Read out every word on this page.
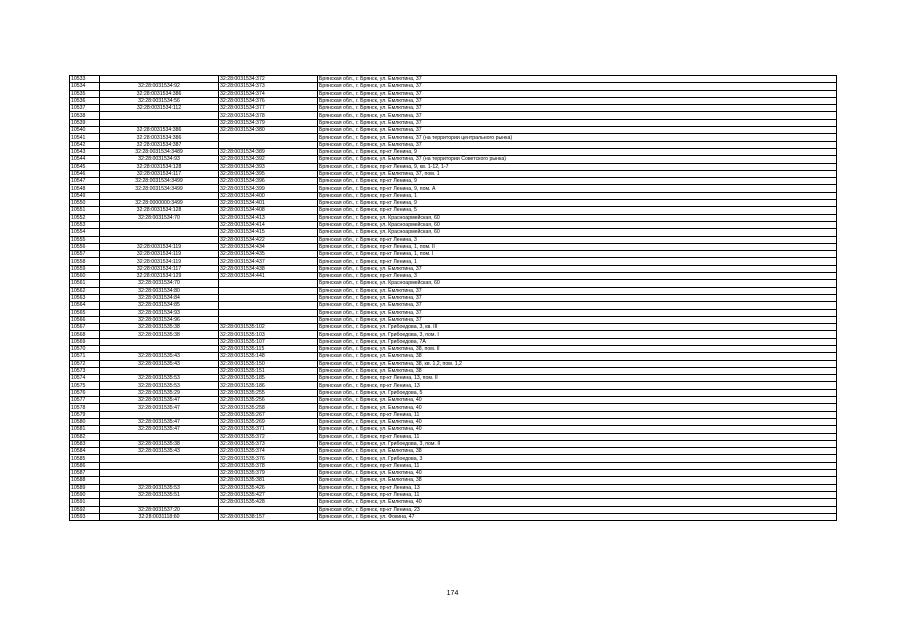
10533		32:28:0031534:372	Брянская обл., г. Брянск, ул. Емлютина, 37
10534	32:28:0031534:92	32:28:0031534:373	Брянская обл., г. Брянск, ул. Емлютина, 37
10535	32:28:0031534:386	32:28:0031534:374	Брянская обл., г. Брянск, ул. Емлютина, 37
10536	32:28:0031534:56	32:28:0031534:376	Брянская обл., г. Брянск, ул. Емлютина, 37
10537	32:28:0031534:112	32:28:0031534:377	Брянская обл., г. Брянск, ул. Емлютина, 37
10538		32:28:0031534:378	Брянская обл., г. Брянск, ул. Емлютина, 37
10539		32:28:0031534:379	Брянская обл., г. Брянск, ул. Емлютина, 37
10540	32:28:0031534:386	32:28:0031534:380	Брянская обл., г. Брянск, ул. Емлютина, 37
10541	32:28:0031534:386		Брянская обл., г. Брянск, ул. Емлютина, 37 (на территории центрального рынка)
10542	32:28:0031534:387		Брянская обл., г. Брянск, ул. Емлютина, 37
10543	32:28:0031534:3489	32:28:0031534:389	Брянская обл., г. Брянск, пр-кт Ленина, 9
10544	32:28:0031534:93	32:28:0031534:392	Брянская обл., г. Брянск, ул. Емлютина, 37 (на территории Советского рынка)
10545	32:28:0031534:128	32:28:0031534:393	Брянская обл., г. Брянск, пр-кт Ленина, 9, кв. 1-12, 1-7
10546	32:28:0031534:117	32:28:0031534:395	Брянская обл., г. Брянск, ул. Емлютина, 37, пом. 1
10547	32:28:0031534:3499	32:28:0031534:396	Брянская обл., г. Брянск, пр-кт Ленина, 9
10548	32:28:0031534:3499	32:28:0031534:399	Брянская обл., г. Брянск, пр-кт Ленина, 9, пом. А
10549		32:28:0031534:400	Брянская обл., г. Брянск, пр-кт Ленина, 1
10550	32:28:0000000:3499	32:28:0031534:401	Брянская обл., г. Брянск, пр-кт Ленина, 9
10551	32:28:0031534:128	32:28:0031534:408	Брянская обл., г. Брянск, пр-кт Ленина, 5
10552	32:28:0031534:70	32:28:0031534:413	Брянская обл., г. Брянск, ул. Красноармейская, 60
10553		32:28:0031534:414	Брянская обл., г. Брянск, ул. Красноармейская, 60
10554		32:28:0031534:415	Брянская обл., г. Брянск, ул. Красноармейская, 60
10555		32:28:0031534:422	Брянская обл., г. Брянск, пр-кт Ленина, 3
10556	32:28:0031534:119	32:28:0031534:434	Брянская обл., г. Брянск, пр-кт Ленина, 1, пом. II
10557	32:28:0031534:119	32:28:0031534:435	Брянская обл., г. Брянск, пр-кт Ленина, 1, пом. I
10558	32:28:0031534:119	32:28:0031534:437	Брянская обл., г. Брянск, пр-кт Ленина, 1
10559	32:28:0031534:117	32:28:0031534:438	Брянская обл., г. Брянск, ул. Емлютина, 37
10560	32:28:0031534:129	32:28:0031534:441	Брянская обл., г. Брянск, пр-кт Ленина, 3
10561	32:28:0031534:70		Брянская обл., г. Брянск, ул. Красноармейская, 60
10562	32:28:0031534:80		Брянская обл., г. Брянск, ул. Емлютина, 37
10563	32:28:0031534:84		Брянская обл., г. Брянск, ул. Емлютина, 37
10564	32:28:0031534:85		Брянская обл., г. Брянск, ул. Емлютина, 37
10565	32:28:0031534:93		Брянская обл., г. Брянск, ул. Емлютина, 37
10566	32:28:0031534:96		Брянская обл., г. Брянск, ул. Емлютина, 37
10567	32:28:0031535:38	32:28:0031535:102	Брянская обл., г. Брянск, ул. Грибоедова, 3, кв. III
10568	32:28:0031535:38	32:28:0031535:103	Брянская обл., г. Брянск, ул. Грибоедова, 3, пом. I
10569		32:28:0031535:107	Брянская обл., г. Брянск, ул. Грибоедова, 7А
10570		32:28:0031535:115	Брянская обл., г. Брянск, ул. Емлютина, 38, пом. II
10571	32:28:0031535:43	32:28:0031535:148	Брянская обл., г. Брянск, ул. Емлютина, 38
10572	32:28:0031535:43	32:28:0031535:150	Брянская обл., г. Брянск, ул. Емлютина, 38, кв. 1,2, пом. 1,2
10573		32:28:0031535:151	Брянская обл., г. Брянск, ул. Емлютина, 38
10574	32:28:0031535:53	32:28:0031535:185	Брянская обл., г. Брянск, пр-кт Ленина, 13, пом. II
10575	32:28:0031535:53	32:28:0031535:186	Брянская обл., г. Брянск, пр-кт Ленина, 13
10576	32:28:0031535:29	32:28:0031535:255	Брянская обл., г. Брянск, ул. Грибоедова, 5
10577	32:28:0031535:47	32:28:0031535:256	Брянская обл., г. Брянск, ул. Емлютина, 40
10578	32:28:0031535:47	32:28:0031535:258	Брянская обл., г. Брянск, ул. Емлютина, 40
10579		32:28:0031535:267	Брянская обл., г. Брянск, пр-кт Ленина, 11
10580	32:28:0031535:47	32:28:0031535:269	Брянская обл., г. Брянск, ул. Емлютина, 40
10581	32:28:0031535:47	32:28:0031535:371	Брянская обл., г. Брянск, ул. Емлютина, 40
10582		32:28:0031535:372	Брянская обл., г. Брянск, пр-кт Ленина, 11
10583	32:28:0031535:38	32:28:0031535:373	Брянская обл., г. Брянск, ул. Грибоедова, 3, пом. II
10584	32:28:0031535:43	32:28:0031535:374	Брянская обл., г. Брянск, ул. Емлютина, 38
10585		32:28:0031535:376	Брянская обл., г. Брянск, ул. Грибоедова, 3
10586		32:28:0031535:378	Брянская обл., г. Брянск, пр-кт Ленина, 11
10587		32:28:0031535:379	Брянская обл., г. Брянск, ул. Емлютина, 40
10588		32:28:0031535:381	Брянская обл., г. Брянск, ул. Емлютина, 38
10589	32:28:0031535:53	32:28:0031535:426	Брянская обл., г. Брянск, пр-кт Ленина, 13
10590	32:28:0031535:51	32:28:0031535:427	Брянская обл., г. Брянск, пр-кт Ленина, 11
10591		32:28:0031535:428	Брянская обл., г. Брянск, ул. Емлютина, 40
10592	32:28:0031537:20		Брянская обл., г. Брянск, пр-кт Ленина, 23
10593	32:28:0031118:60	32:28:0031538:157	Брянская обл., г. Брянск, ул. Фокина, 47
174
